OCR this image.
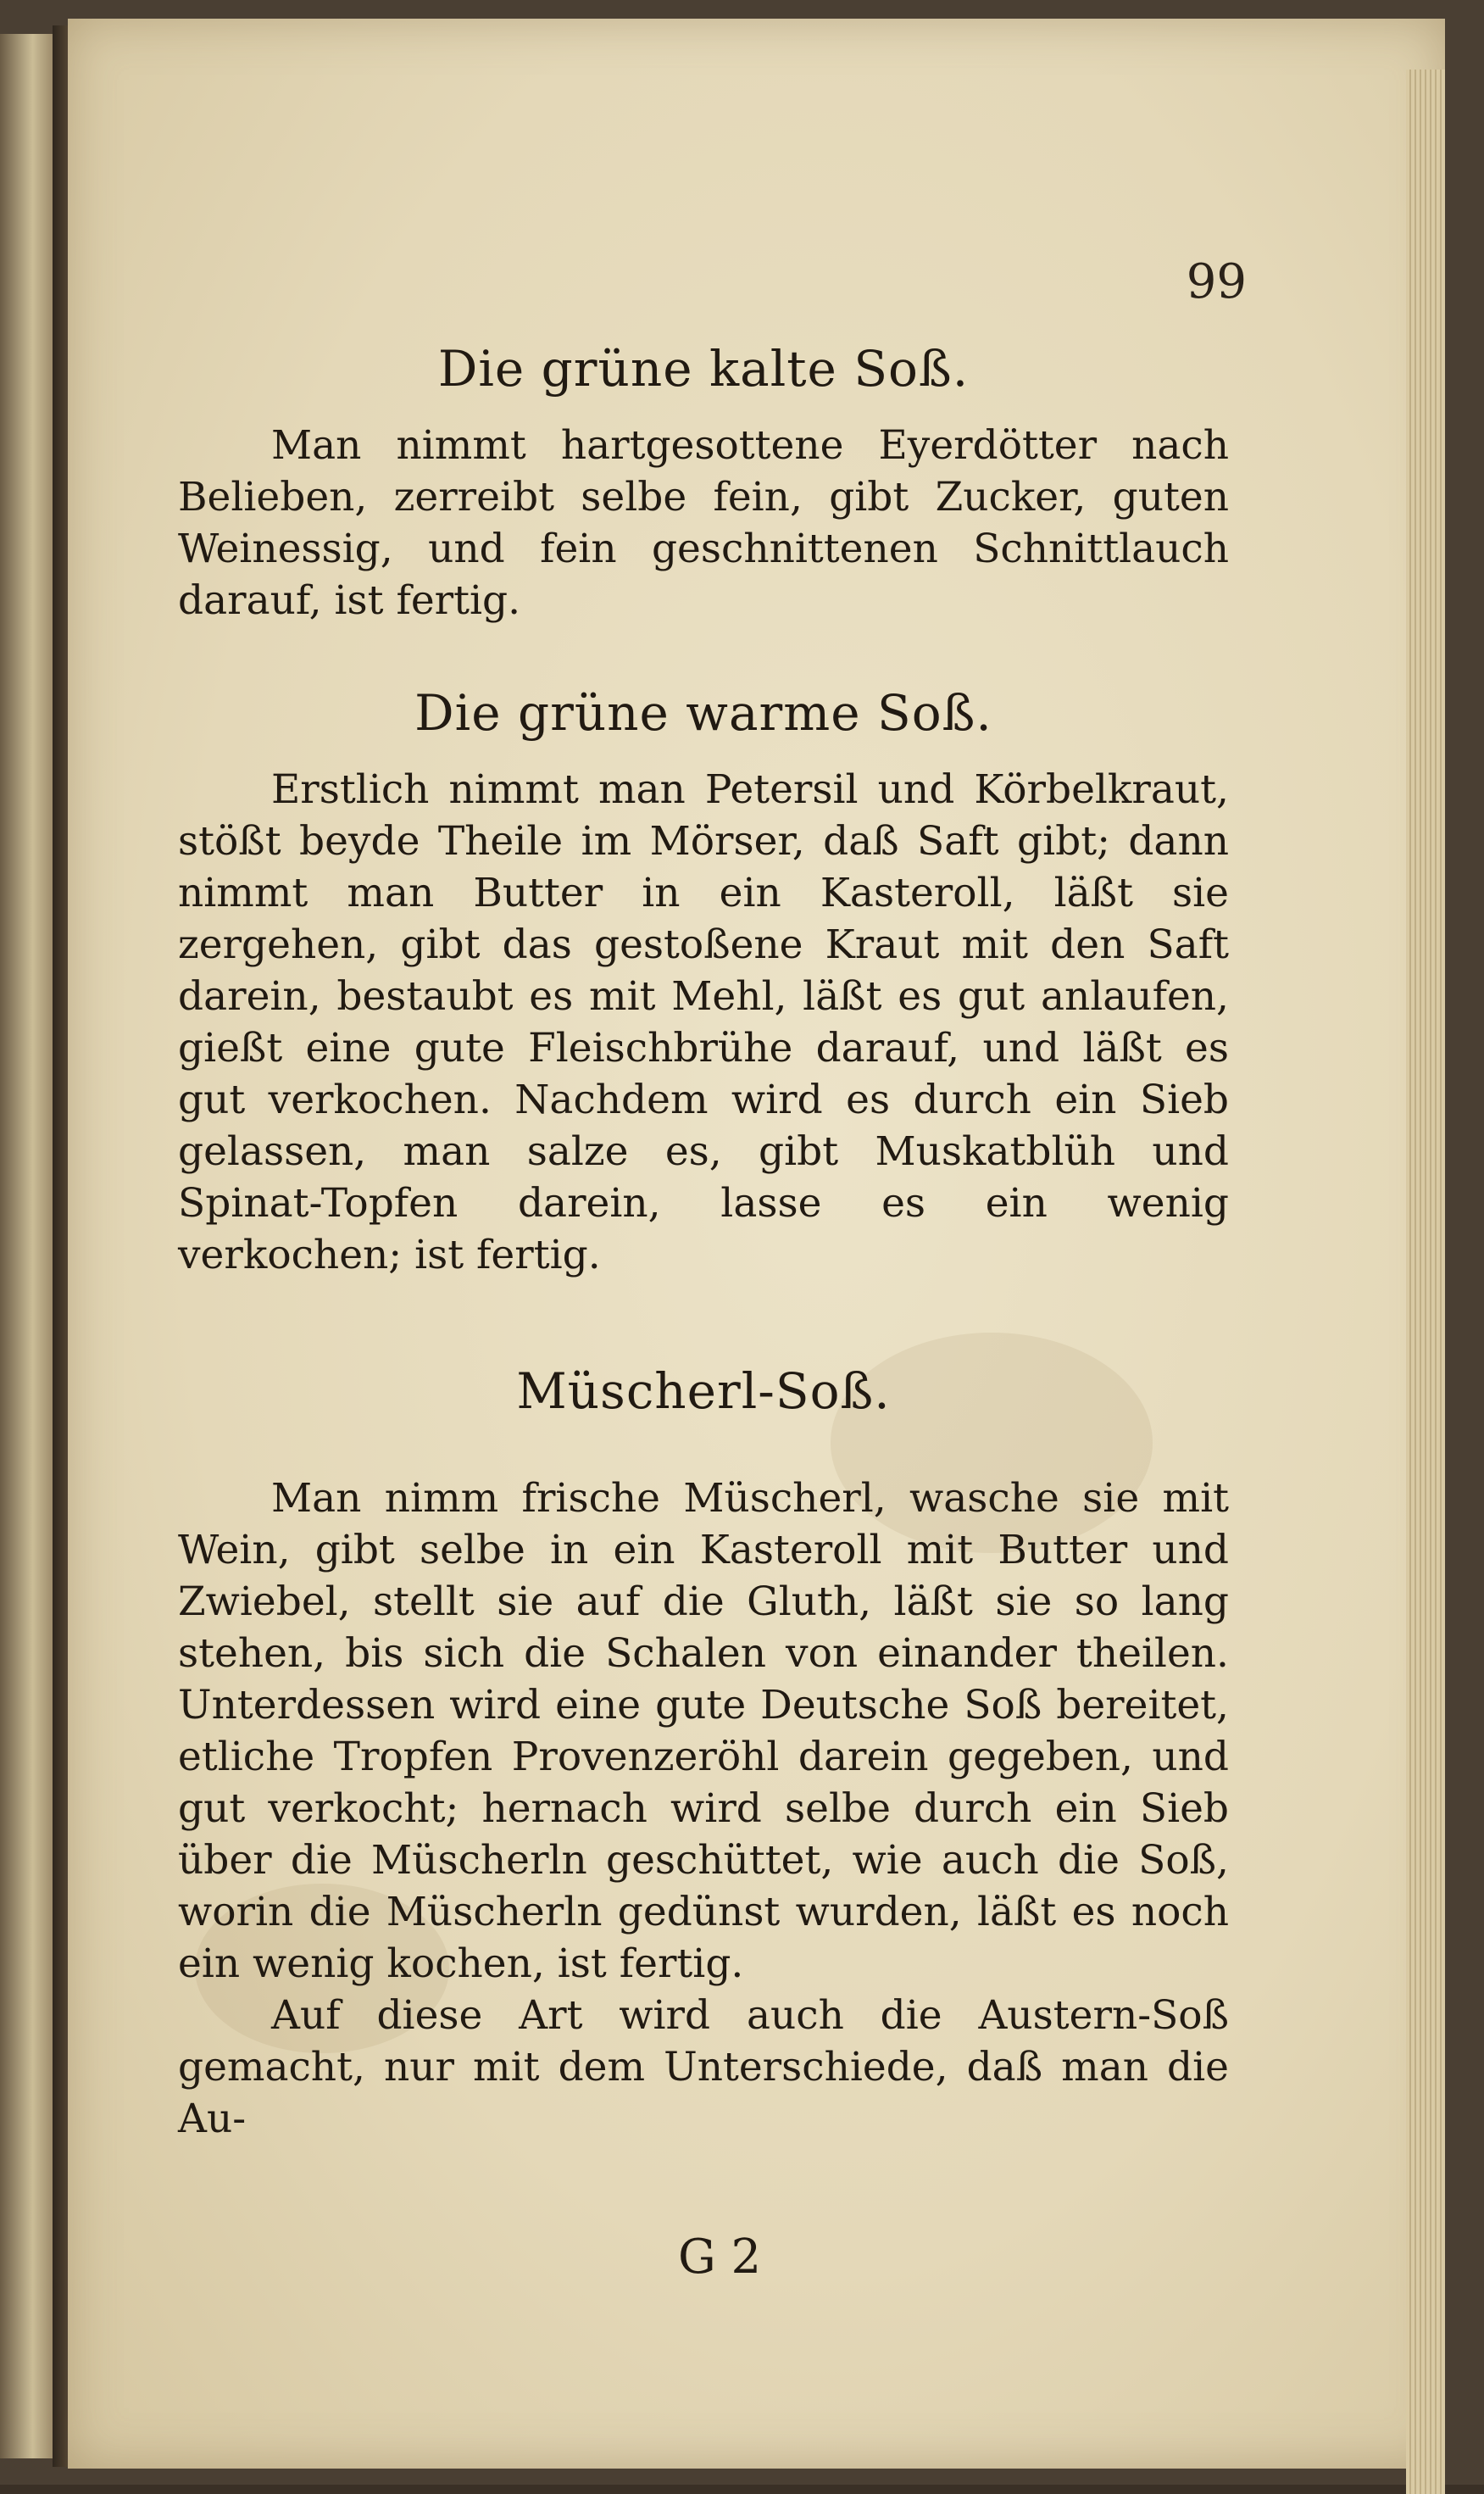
99
Die grüne kalte Soß.

Man nimmt hartgesottene Eyerdötter nach Belieben, zerreibt selbe fein, gibt Zucker, guten Weinessig, und fein geschnittenen Schnittlauch darauf, ist fertig.

Die grüne warme Soß.

Erstlich nimmt man Petersil und Körbelkraut, stößt beyde Theile im Mörser, daß Saft gibt; dann nimmt man Butter in ein Kasteroll, läßt sie zergehen, gibt das gestoßene Kraut mit den Saft darein, bestaubt es mit Mehl, läßt es gut anlaufen, gießt eine gute Fleischbrühe darauf, und läßt es gut verkochen. Nachdem wird es durch ein Sieb gelassen, man salze es, gibt Muskatblüh und Spinat-Topfen darein, lasse es ein wenig verkochen; ist fertig.

Müscherl-Soß.

Man nimm frische Müscherl, wasche sie mit Wein, gibt selbe in ein Kasteroll mit Butter und Zwiebel, stellt sie auf die Gluth, läßt sie so lang stehen, bis sich die Schalen von einander theilen. Unterdessen wird eine gute Deutsche Soß bereitet, etliche Tropfen Provenzeröhl darein gegeben, und gut verkocht; hernach wird selbe durch ein Sieb über die Müscherln geschüttet, wie auch die Soß, worin die Müscherln gedünst wurden, läßt es noch ein wenig kochen, ist fertig.

Auf diese Art wird auch die Austern-Soß gemacht, nur mit dem Unterschiede, daß man die Au-

G 2
